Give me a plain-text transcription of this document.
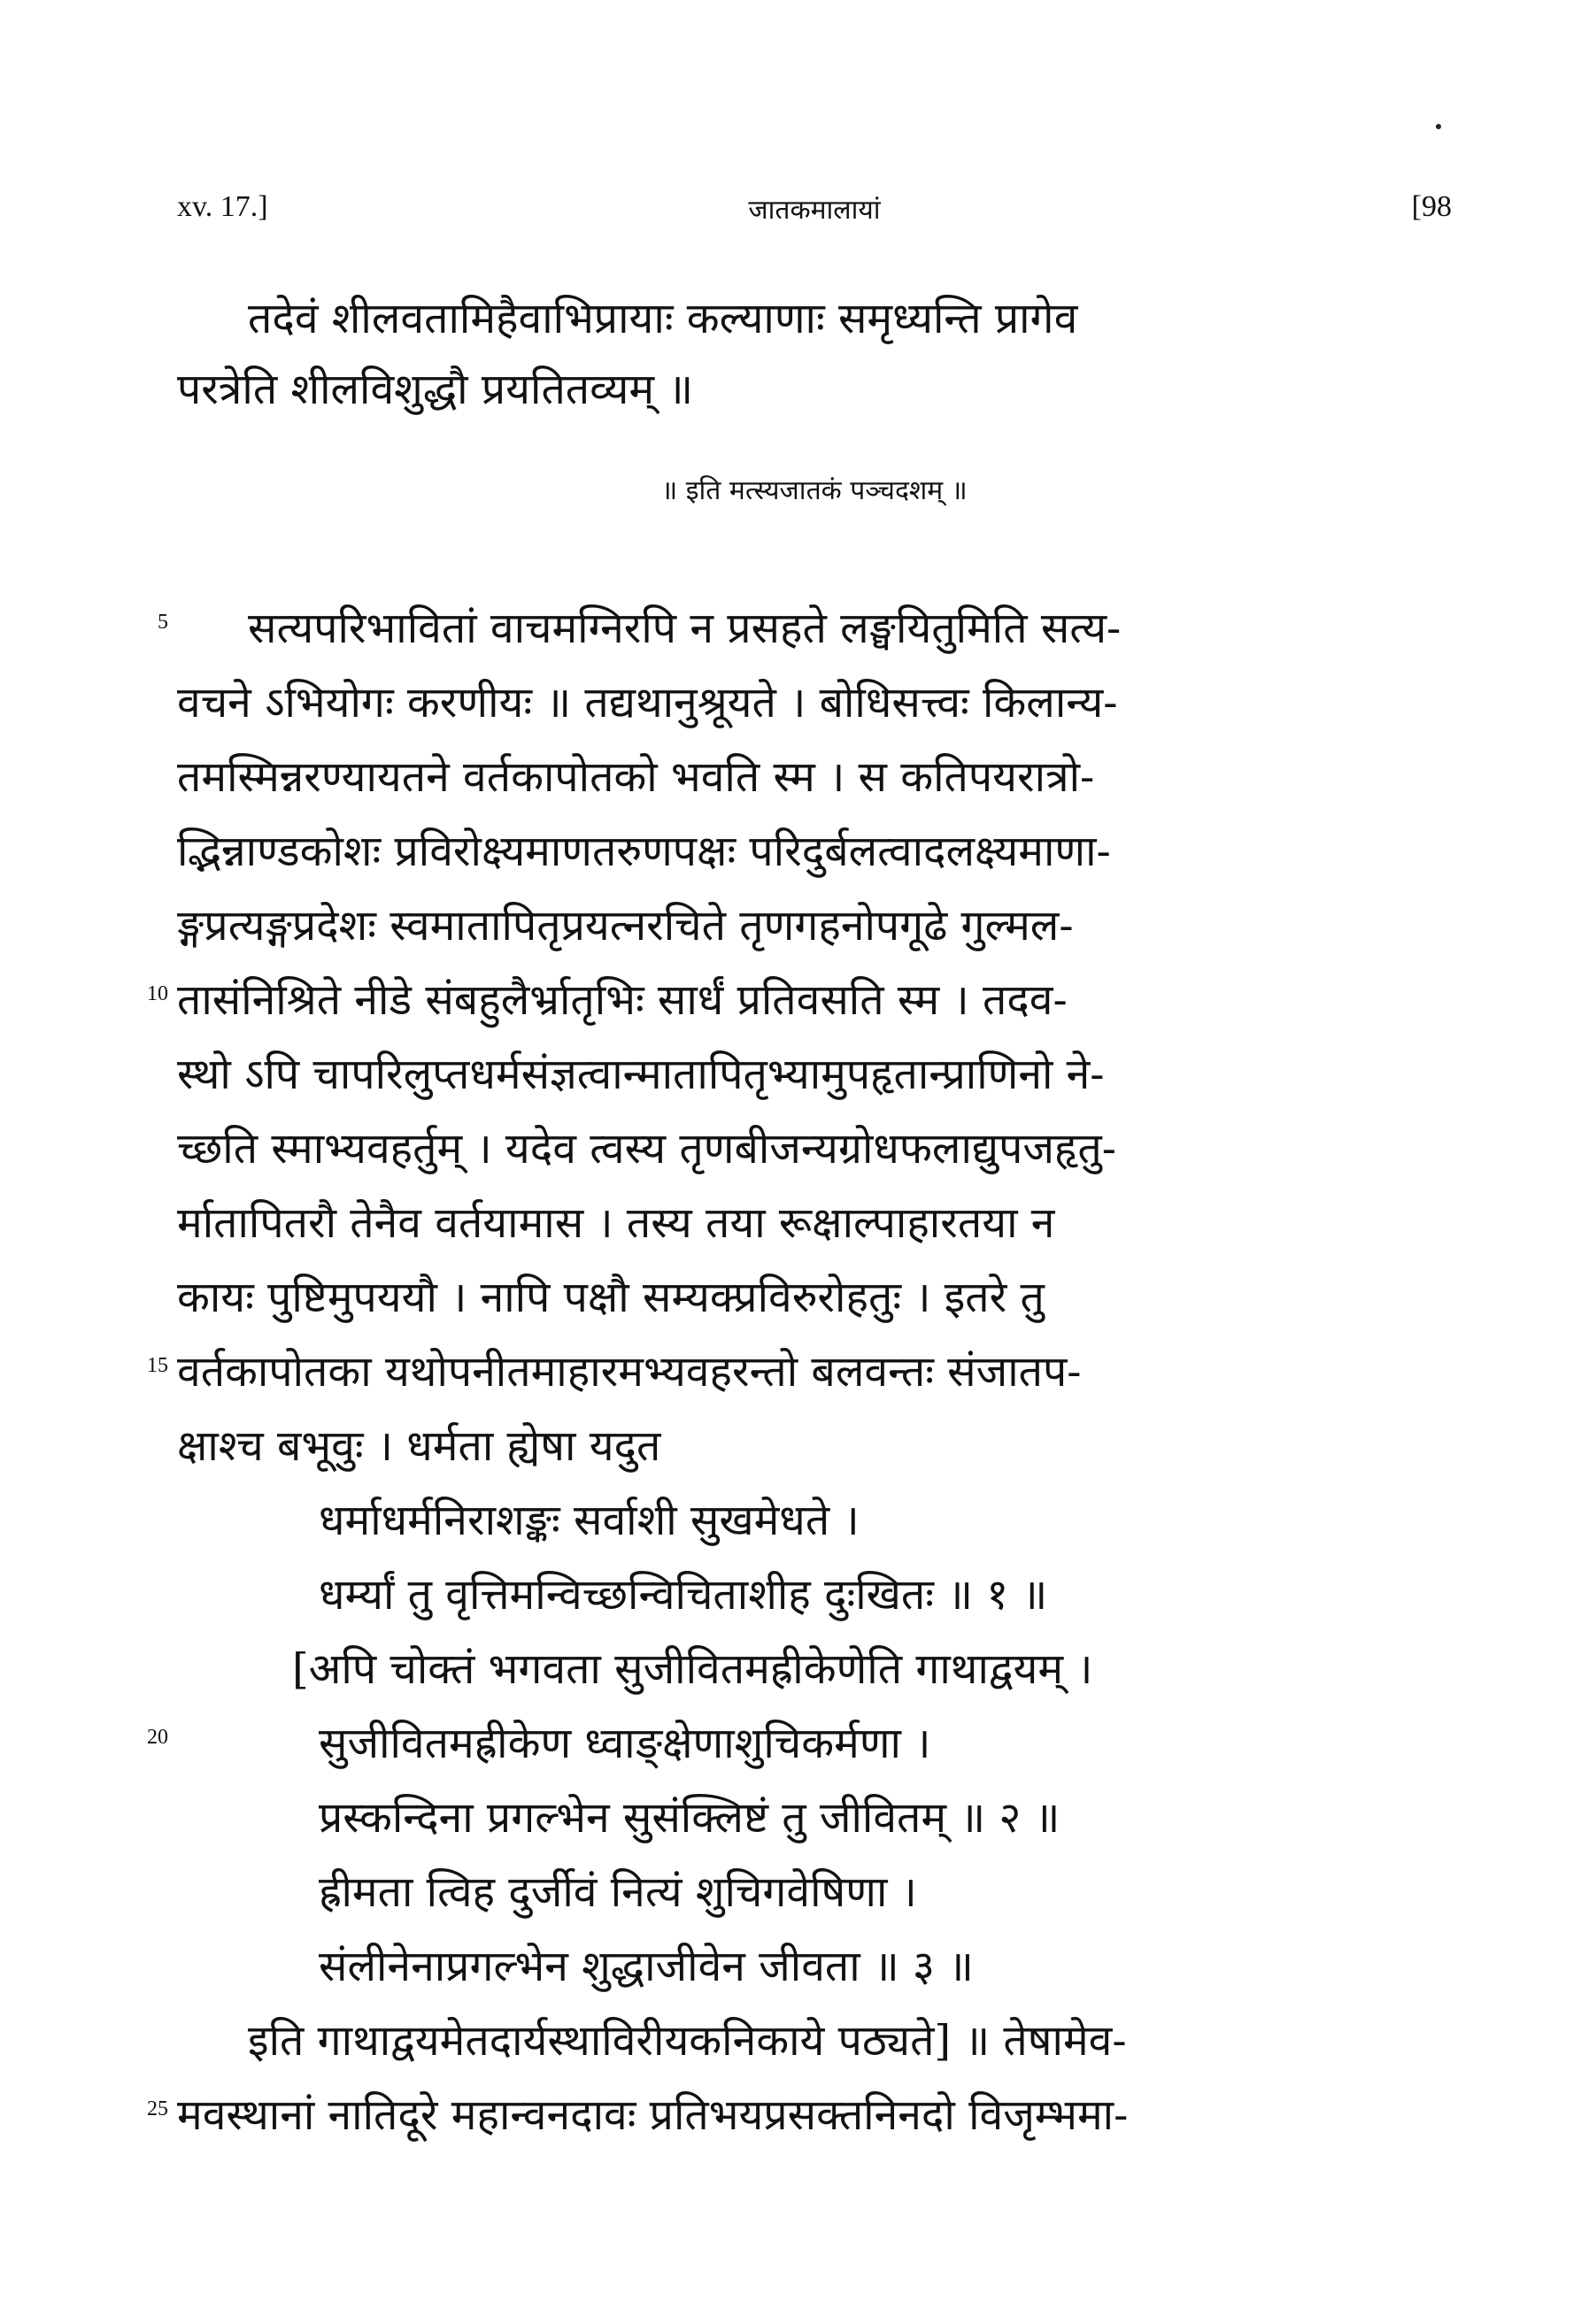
xv. 17.]	जातकमालायां	[98
तदेवं शीलवतामिहैवाभिप्रायाः कल्याणाः समृध्यन्ति प्रागेव
परत्रेति शीलविशुद्धौ प्रयतितव्यम् ॥
॥ इति मत्स्यजातकं पञ्चदशम् ॥
5
10
15
20
25
सत्यपरिभावितां वाचमग्निरपि न प्रसहते लङ्घयितुमिति सत्य-
वचने ऽभियोगः करणीयः ॥ तद्यथानुश्रूयते । बोधिसत्त्वः किलान्य-
तमस्मिन्नरण्यायतने वर्तकापोतको भवति स्म । स कतिपयरात्रो-
द्भिन्नाण्डकोशः प्रविरोक्ष्यमाणतरुणपक्षः परिदुर्बलत्वादलक्ष्यमाणा-
ङ्गप्रत्यङ्गप्रदेशः स्वमातापितृप्रयत्नरचिते तृणगहनोपगूढे गुल्मल-
तासंनिश्रिते नीडे संबहुलैर्भ्रातृभिः सार्धं प्रतिवसति स्म । तदव-
स्थो ऽपि चापरिलुप्तधर्मसंज्ञत्वान्मातापितृभ्यामुपहृतान्प्राणिनो ने-
च्छति स्माभ्यवहर्तुम् । यदेव त्वस्य तृणबीजन्यग्रोधफलाद्युपजहृतु-
र्मातापितरौ तेनैव वर्तयामास । तस्य तया रूक्षाल्पाहारतया न
कायः पुष्टिमुपययौ । नापि पक्षौ सम्यक्प्रविरुरोहतुः । इतरे तु
वर्तकापोतका यथोपनीतमाहारमभ्यवहरन्तो बलवन्तः संजातप-
क्षाश्च बभूवुः । धर्मता ह्येषा यदुत
धर्माधर्मनिराशङ्कः सर्वाशी सुखमेधते ।
धर्म्यां तु वृत्तिमन्विच्छन्विचिताशीह दुःखितः ॥ १ ॥
[अपि चोक्तं भगवता सुजीवितमह्रीकेणेति गाथाद्वयम् ।
सुजीवितमह्रीकेण ध्वाङ्क्षेणाशुचिकर्मणा ।
प्रस्कन्दिना प्रगल्भेन सुसंक्लिष्टं तु जीवितम् ॥ २ ॥
ह्रीमता त्विह दुर्जीवं नित्यं शुचिगवेषिणा ।
संलीनेनाप्रगल्भेन शुद्धाजीवेन जीवता ॥ ३ ॥
इति गाथाद्वयमेतदार्यस्थाविरीयकनिकाये पठ्यते] ॥ तेषामेव-
मवस्थानां नातिदूरे महान्वनदावः प्रतिभयप्रसक्तनिनदो विजृम्भमा-
